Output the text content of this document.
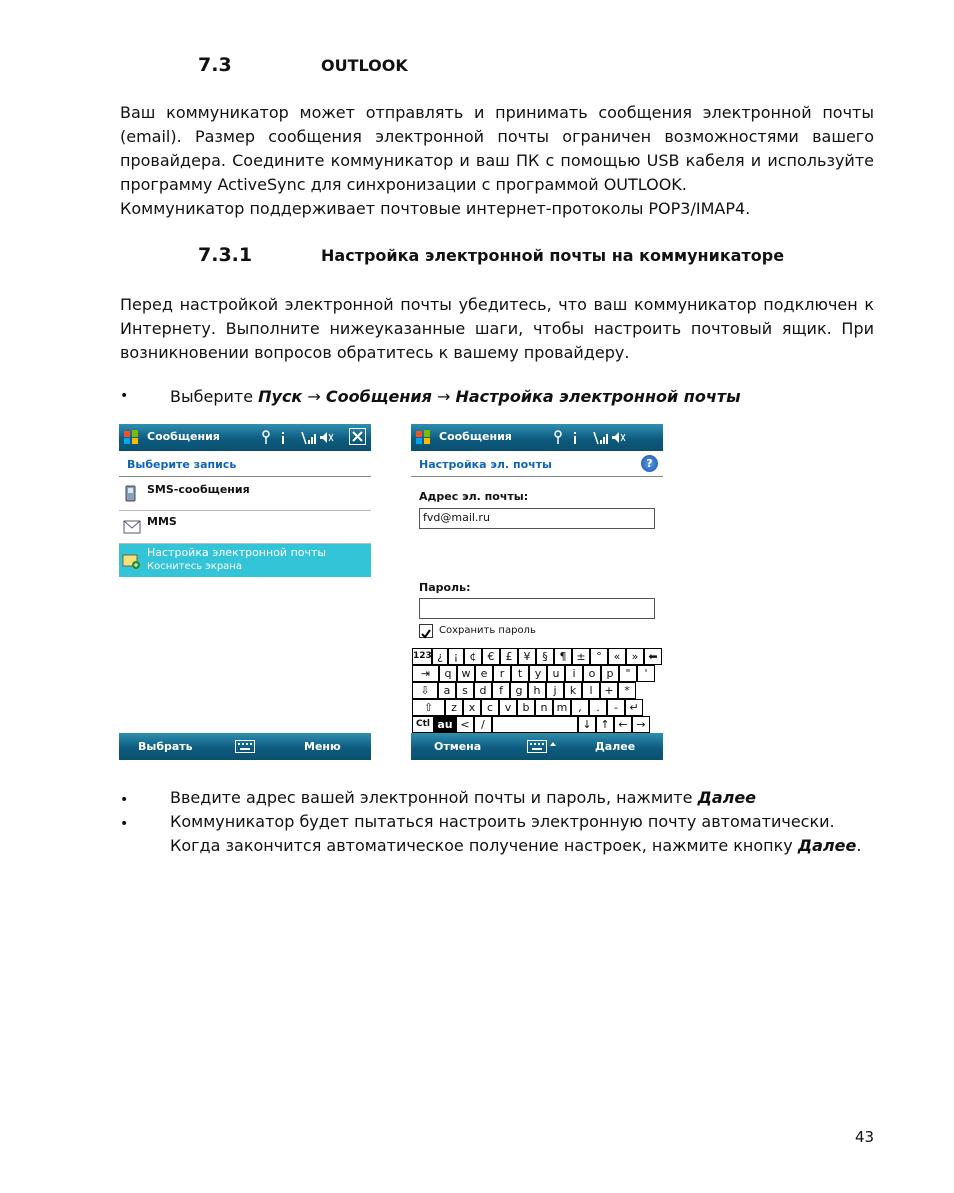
7.3	OUTLOOK
Ваш коммуникатор может отправлять и принимать сообщения электронной почты (email). Размер сообщения электронной почты ограничен возможностями вашего провайдера. Соедините коммуникатор и ваш ПК с помощью USB кабеля и используйте программу ActiveSync для синхронизации с программой OUTLOOK.
Коммуникатор поддерживает почтовые интернет-протоколы POP3/IMAP4.
7.3.1	Настройка электронной почты на коммуникаторе
Перед настройкой электронной почты убедитесь, что ваш коммуникатор подключен к Интернету. Выполните нижеуказанные шаги, чтобы настроить почтовый ящик. При возникновении вопросов обратитесь к вашему провайдеру.
•	Выберите Пуск → Сообщения → Настройка электронной почты
Сообщения
Выберите запись
SMS-сообщения
MMS
Настройка электронной почты
Коснитесь экрана
Выбрать	Меню
Сообщения
Настройка эл. почты	?
Адрес эл. почты:
fvd@mail.ru
Пароль:
Сохранить пароль
123 ¿ ¡	¢	€	£	¥	§	¶ ± °	«	» ⬅
⇥	q w e	r	t	y	u	i	o	p	"	'
⇩	a	s	d	f	g	h	j	k	l	+ *
⇧	z	x	c	v	b	n m ,	.	-	↵
Ctl au <	/	↓ ↑ ← →
Отмена	Далее
•	Введите адрес вашей электронной почты и пароль, нажмите Далее
•	Коммуникатор будет пытаться настроить электронную почту автоматически. Когда закончится автоматическое получение настроек, нажмите кнопку Далее.
43
